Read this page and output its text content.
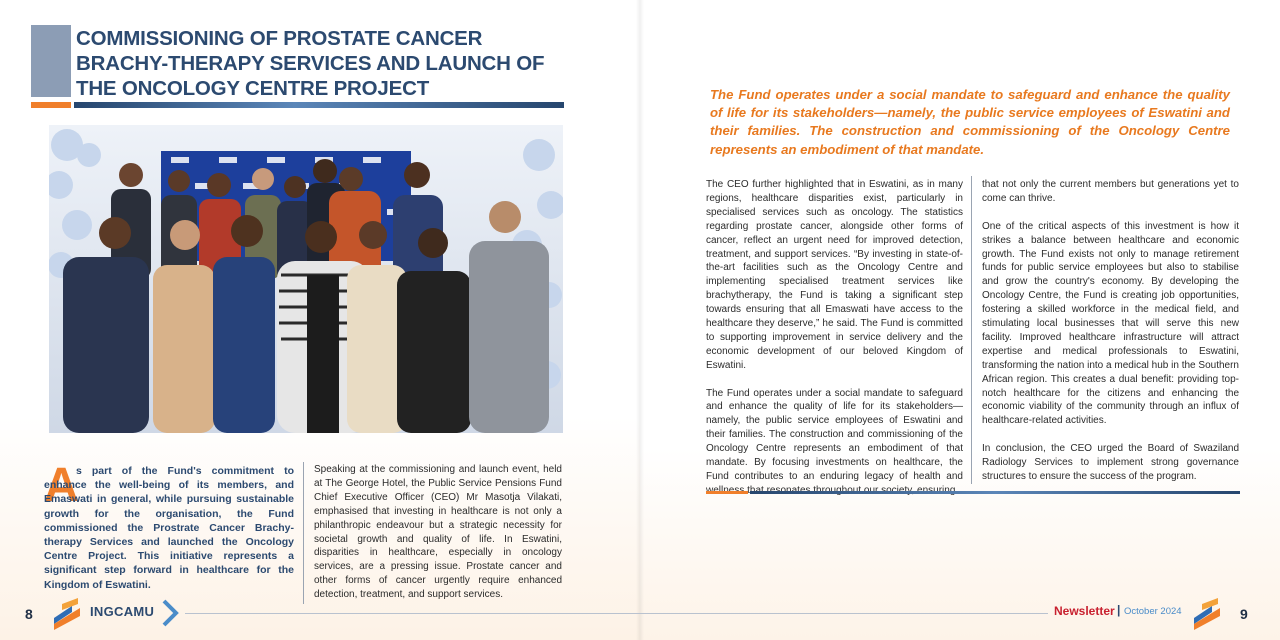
COMMISSIONING OF PROSTATE CANCER BRACHY-THERAPY SERVICES AND LAUNCH OF THE ONCOLOGY CENTRE PROJECT
A

s part of the Fund's commitment to enhance the well-being of its members, and Emaswati in general, while pursuing sustainable growth for the organisation, the Fund commissioned the Prostrate Cancer Brachy-therapy Services and launched the Oncology Centre Project. This initiative represents a significant step forward in healthcare for the Kingdom of Eswatini.

Speaking at the commissioning and launch event, held at The George Hotel, the Public Service Pensions Fund Chief Executive Officer (CEO) Mr Masotja Vilakati, emphasised that investing in healthcare is not only a philanthropic endeavour but a strategic necessity for societal growth and quality of life. In Eswatini, disparities in healthcare, especially in oncology services, are a pressing issue. Prostate cancer and other forms of cancer urgently require enhanced detection, treatment, and support services.

8	INGCAMU

The Fund operates under a social mandate to safeguard and enhance the quality of life for its stakeholders—namely, the public service employees of Eswatini and their families. The construction and commissioning of the Oncology Centre represents an embodiment of that mandate.

The CEO further highlighted that in Eswatini, as in many regions, healthcare disparities exist, particularly in specialised services such as oncology. The statistics regarding prostate cancer, alongside other forms of cancer, reflect an urgent need for improved detection, treatment, and support services. “By investing in state-of-the-art facilities such as the Oncology Centre and implementing specialised treatment services like brachytherapy, the Fund is taking a significant step towards ensuring that all Emaswati have access to the healthcare they deserve,” he said. The Fund is committed to supporting improvement in service delivery and the economic development of our beloved Kingdom of Eswatini.

The Fund operates under a social mandate to safeguard and enhance the quality of life for its stakeholders—namely, the public service employees of Eswatini and their families. The construction and commissioning of the Oncology Centre represents an embodiment of that mandate. By focusing investments on healthcare, the Fund contributes to an enduring legacy of health and

that not only the current members but generations yet to come can thrive.

One of the critical aspects of this investment is how it strikes a balance between healthcare and economic growth. The Fund exists not only to manage retirement funds for public service employees but also to stabilise and grow the country's economy. By developing the Oncology Centre, the Fund is creating job opportunities, fostering a skilled workforce in the medical field, and stimulating local businesses that will serve this new facility. Improved healthcare infrastructure will attract expertise and medical professionals to Eswatini, transforming the nation into a medical hub in the Southern African region. This creates a dual benefit: providing top-notch healthcare for the citizens and enhancing the economic viability of the community through an influx of healthcare-related activities.

In conclusion, the CEO urged the Board of Swaziland Radiology Services to implement strong governance structures to ensure the success of the program.

Newsletter | October 2024	9
